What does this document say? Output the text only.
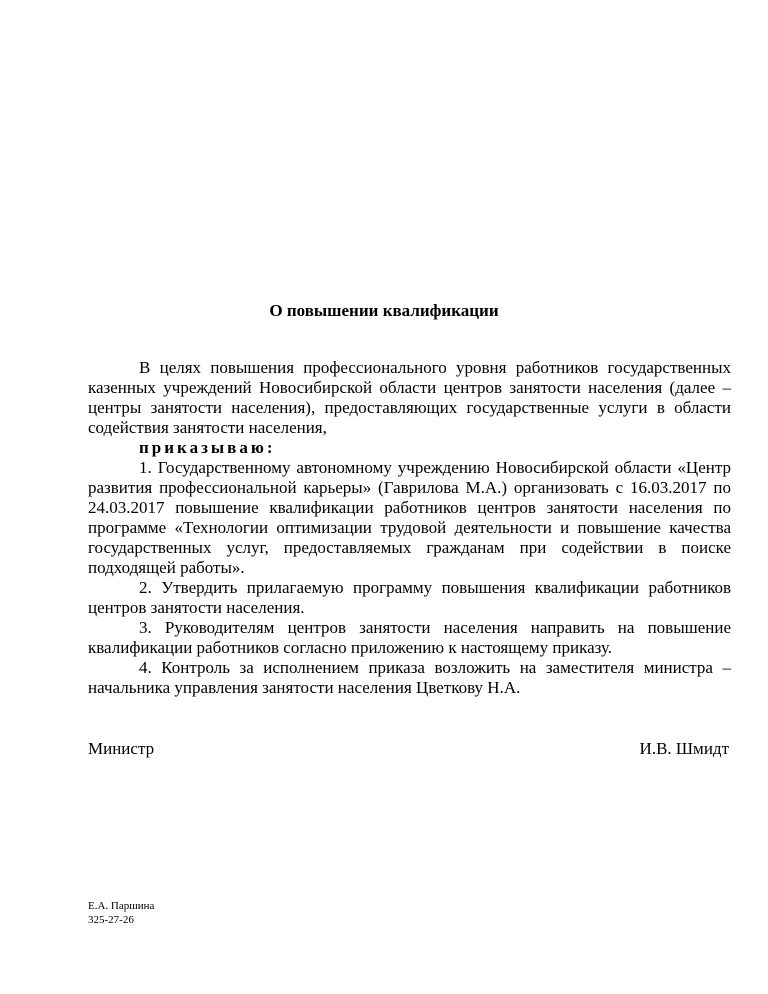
О повышении квалификации

В целях повышения профессионального уровня работников государственных казенных учреждений Новосибирской области центров занятости населения (далее – центры занятости населения), предоставляющих государственные услуги в области содействия занятости населения,

приказываю:

1. Государственному автономному учреждению Новосибирской области «Центр развития профессиональной карьеры» (Гаврилова М.А.) организовать с 16.03.2017 по 24.03.2017 повышение квалификации работников центров занятости населения по программе «Технологии оптимизации трудовой деятельности и повышение качества государственных услуг, предоставляемых гражданам при содействии в поиске подходящей работы».

2. Утвердить прилагаемую программу повышения квалификации работников центров занятости населения.

3. Руководителям центров занятости населения направить на повышение квалификации работников согласно приложению к настоящему приказу.

4. Контроль за исполнением приказа возложить на заместителя министра – начальника управления занятости населения Цветкову Н.А.

Министр	И.В. Шмидт
Е.А. Паршина
325-27-26
